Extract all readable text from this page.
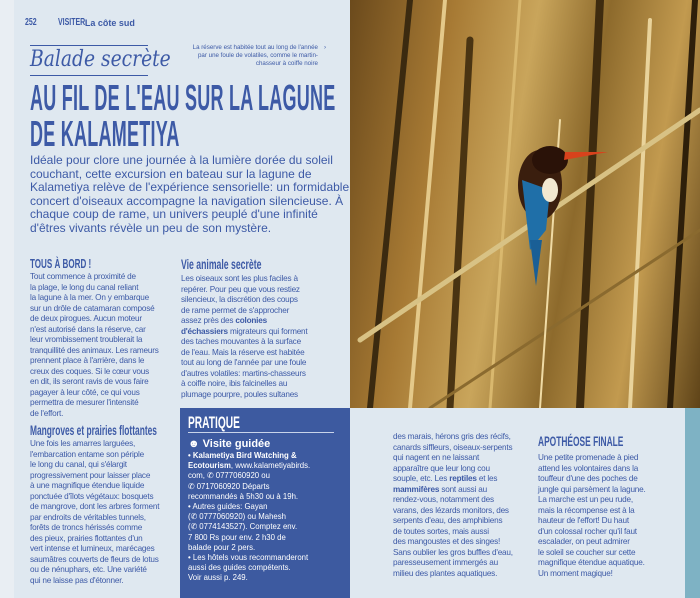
252	VISITER La côte sud
Balade secrète	La réserve est habitée tout au long de l'année par une foule de volatiles, comme le martin-chasseur à coiffe noire
›
AU FIL DE L'EAU SUR LA LAGUNE
DE KALAMETIYA
Idéale pour clore une journée à la lumière dorée du soleil couchant, cette excursion en bateau sur la lagune de Kalametiya relève de l'expérience sensorielle: un formidable concert d'oiseaux accompagne la navigation silencieuse. À chaque coup de rame, un univers peuplé d'une infinité d'êtres vivants révèle un peu de son mystère.
TOUS À BORD !
Tout commence à proximité de
la plage, le long du canal reliant
la lagune à la mer. On y embarque
sur un drôle de catamaran composé
de deux pirogues. Aucun moteur
n'est autorisé dans la réserve, car
leur vrombissement troublerait la
tranquillité des animaux. Les rameurs
prennent place à l'arrière, dans le
creux des coques. Si le cœur vous
en dit, ils seront ravis de vous faire
pagayer à leur côté, ce qui vous
permettra de mesurer l'intensité
de l'effort.
Vie animale secrète
Les oiseaux sont les plus faciles à
repérer. Pour peu que vous restiez
silencieux, la discrétion des coups
de rame permet de s'approcher
assez près des colonies
d'échassiers migrateurs qui forment
des taches mouvantes à la surface
de l'eau. Mais la réserve est habitée
tout au long de l'année par une foule
d'autres volatiles: martins-chasseurs
à coiffe noire, ibis falcinelles au
plumage pourpre, poules sultanes
Mangroves et prairies flottantes
Une fois les amarres larguées,
l'embarcation entame son périple
le long du canal, qui s'élargit
progressivement pour laisser place
à une magnifique étendue liquide
ponctuée d'îlots végétaux: bosquets
de mangrove, dont les arbres forment
par endroits de véritables tunnels,
forêts de troncs hérissés comme
des pieux, prairies flottantes d'un
vert intense et lumineux, marécages
saumâtres couverts de fleurs de lotus
ou de nénuphars, etc. Une variété
qui ne laisse pas d'étonner.
PRATIQUE
☻ Visite guidée
• Kalametiya Bird Watching &
Ecotourism, www.kalametiyabirds.
com, ✆ 0777060920 ou
✆ 0717060920 Départs
recommandés à 5h30 ou à 19h.
• Autres guides: Gayan
(✆ 0777060920) ou Mahesh
(✆ 0774143527). Comptez env.
7 800 Rs pour env. 2 h30 de
balade pour 2 pers.
• Les hôtels vous recommanderont
aussi des guides compétents.
Voir aussi p. 249.
des marais, hérons gris des récifs,
canards siffleurs, oiseaux-serpents
qui nagent en ne laissant
apparaître que leur long cou
souple, etc. Les reptiles et les
mammifères sont aussi au
rendez-vous, notamment des
varans, des lézards monitors, des
serpents d'eau, des amphibiens
de toutes sortes, mais aussi
des mangoustes et des singes!
Sans oublier les gros buffles d'eau,
paresseusement immergés au
milieu des plantes aquatiques.
APOTHÉOSE FINALE
Une petite promenade à pied
attend les volontaires dans la
touffeur d'une des poches de
jungle qui parsèment la lagune.
La marche est un peu rude,
mais la récompense est à la
hauteur de l'effort! Du haut
d'un colossal rocher qu'il faut
escalader, on peut admirer
le soleil se coucher sur cette
magnifique étendue aquatique.
Un moment magique!
